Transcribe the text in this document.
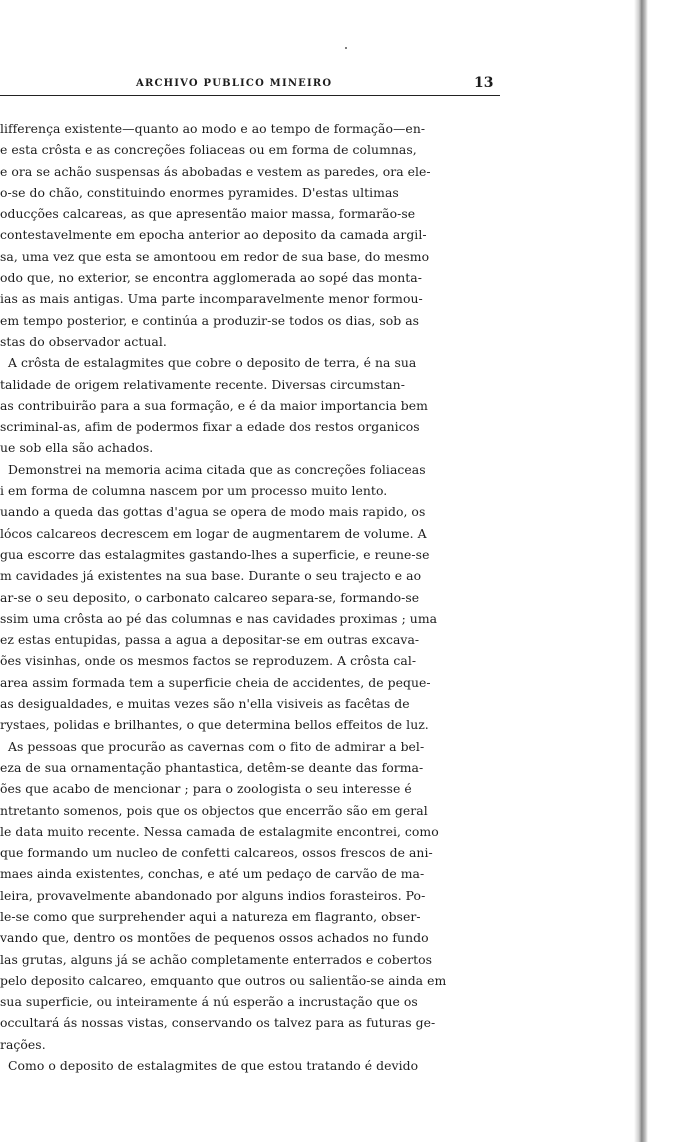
ARCHIVO PUBLICO MINEIRO	13
lifferença existente—quanto ao modo e ao tempo de formação—en-
e esta crôsta e as concreções foliaceas ou em forma de columnas,
e ora se achão suspensas ás abobadas e vestem as paredes, ora ele-
o-se do chão, constituindo enormes pyramides. D'estas ultimas
oducções calcareas, as que apresentão maior massa, formarão-se
contestavelmente em epocha anterior ao deposito da camada argil-
sa, uma vez que esta se amontoou em redor de sua base, do mesmo
odo que, no exterior, se encontra agglomerada ao sopé das monta-
ias as mais antigas. Uma parte incomparavelmente menor formou-
em tempo posterior, e continúa a produzir-se todos os dias, sob as
stas do observador actual.
A crôsta de estalagmites que cobre o deposito de terra, é na sua
talidade de origem relativamente recente. Diversas circumstan-
as contribuirão para a sua formação, e é da maior importancia bem
scriminal-as, afim de podermos fixar a edade dos restos organicos
ue sob ella são achados.
Demonstrei na memoria acima citada que as concreções foliaceas
i em forma de columna nascem por um processo muito lento.
uando a queda das gottas d'agua se opera de modo mais rapido, os
lócos calcareos decrescem em logar de augmentarem de volume. A
gua escorre das estalagmites gastando-lhes a superficie, e reune-se
m cavidades já existentes na sua base. Durante o seu trajecto e ao
ar-se o seu deposito, o carbonato calcareo separa-se, formando-se
ssim uma crôsta ao pé das columnas e nas cavidades proximas ; uma
ez estas entupidas, passa a agua a depositar-se em outras excava-
ões visinhas, onde os mesmos factos se reproduzem. A crôsta cal-
area assim formada tem a superficie cheia de accidentes, de peque-
as desigualdades, e muitas vezes são n'ella visiveis as facêtas de
rystaes, polidas e brilhantes, o que determina bellos effeitos de luz.
As pessoas que procurão as cavernas com o fito de admirar a bel-
eza de sua ornamentação phantastica, detêm-se deante das forma-
ões que acabo de mencionar ; para o zoologista o seu interesse é
ntretanto somenos, pois que os objectos que encerrão são em geral
le data muito recente. Nessa camada de estalagmite encontrei, como
que formando um nucleo de confetti calcareos, ossos frescos de ani-
maes ainda existentes, conchas, e até um pedaço de carvão de ma-
leira, provavelmente abandonado por alguns indios forasteiros. Po-
le-se como que surprehender aqui a natureza em flagranto, obser-
vando que, dentro os montões de pequenos ossos achados no fundo
las grutas, alguns já se achão completamente enterrados e cobertos
pelo deposito calcareo, emquanto que outros ou salientão-se ainda em
sua superficie, ou inteiramente á nú esperão a incrustação que os
occultará ás nossas vistas, conservando os talvez para as futuras ge-
rações.
Como o deposito de estalagmites de que estou tratando é devido
